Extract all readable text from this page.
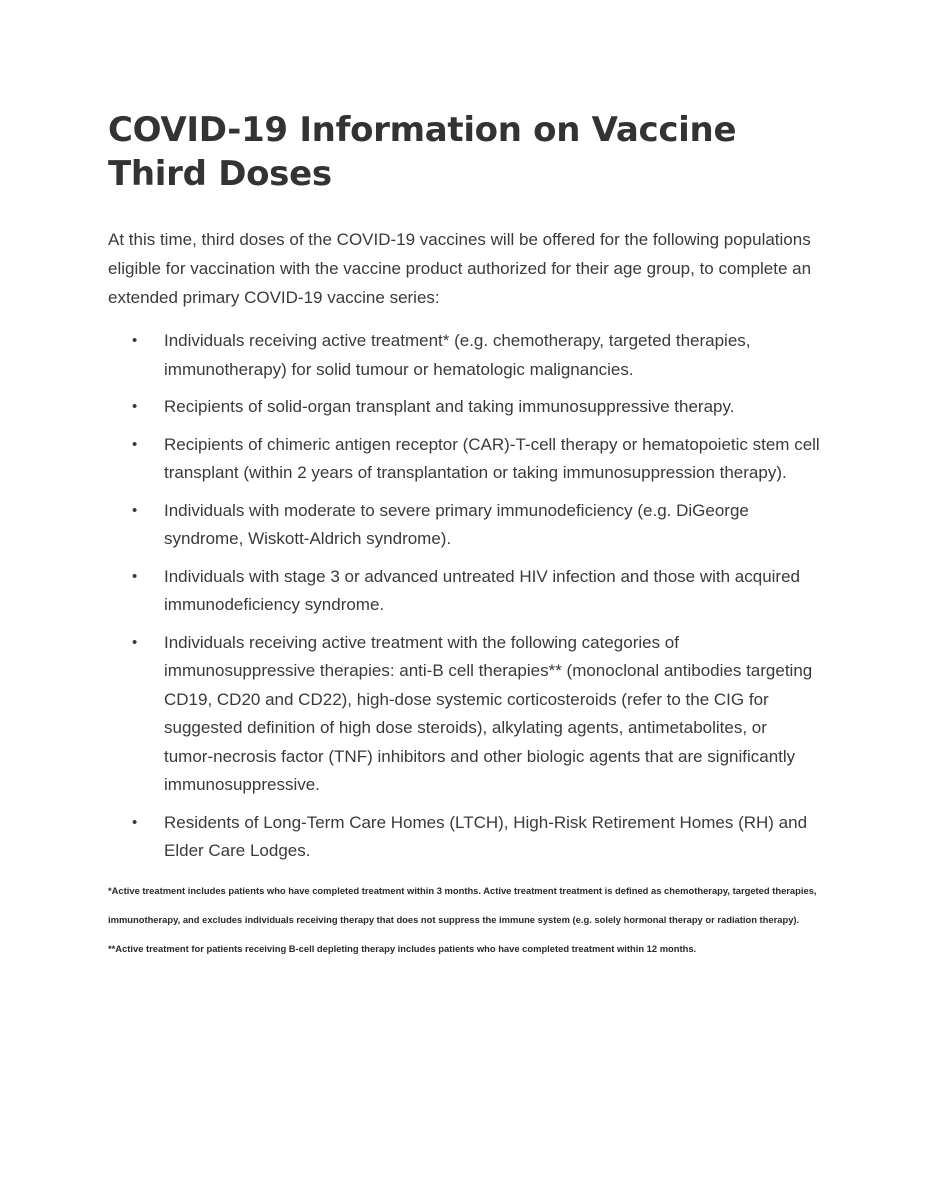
COVID-19 Information on Vaccine Third Doses

At this time, third doses of the COVID-19 vaccines will be offered for the following populations eligible for vaccination with the vaccine product authorized for their age group, to complete an extended primary COVID-19 vaccine series:

• Individuals receiving active treatment* (e.g. chemotherapy, targeted therapies, immunotherapy) for solid tumour or hematologic malignancies.
• Recipients of solid-organ transplant and taking immunosuppressive therapy.
• Recipients of chimeric antigen receptor (CAR)-T-cell therapy or hematopoietic stem cell transplant (within 2 years of transplantation or taking immunosuppression therapy).
• Individuals with moderate to severe primary immunodeficiency (e.g. DiGeorge syndrome, Wiskott-Aldrich syndrome).
• Individuals with stage 3 or advanced untreated HIV infection and those with acquired immunodeficiency syndrome.
• Individuals receiving active treatment with the following categories of immunosuppressive therapies: anti-B cell therapies** (monoclonal antibodies targeting CD19, CD20 and CD22), high-dose systemic corticosteroids (refer to the CIG for suggested definition of high dose steroids), alkylating agents, antimetabolites, or tumor-necrosis factor (TNF) inhibitors and other biologic agents that are significantly immunosuppressive.
• Residents of Long-Term Care Homes (LTCH), High-Risk Retirement Homes (RH) and Elder Care Lodges.

*Active treatment includes patients who have completed treatment within 3 months. Active treatment treatment is defined as chemotherapy, targeted therapies, immunotherapy, and excludes individuals receiving therapy that does not suppress the immune system (e.g. solely hormonal therapy or radiation therapy).

**Active treatment for patients receiving B-cell depleting therapy includes patients who have completed treatment within 12 months.
